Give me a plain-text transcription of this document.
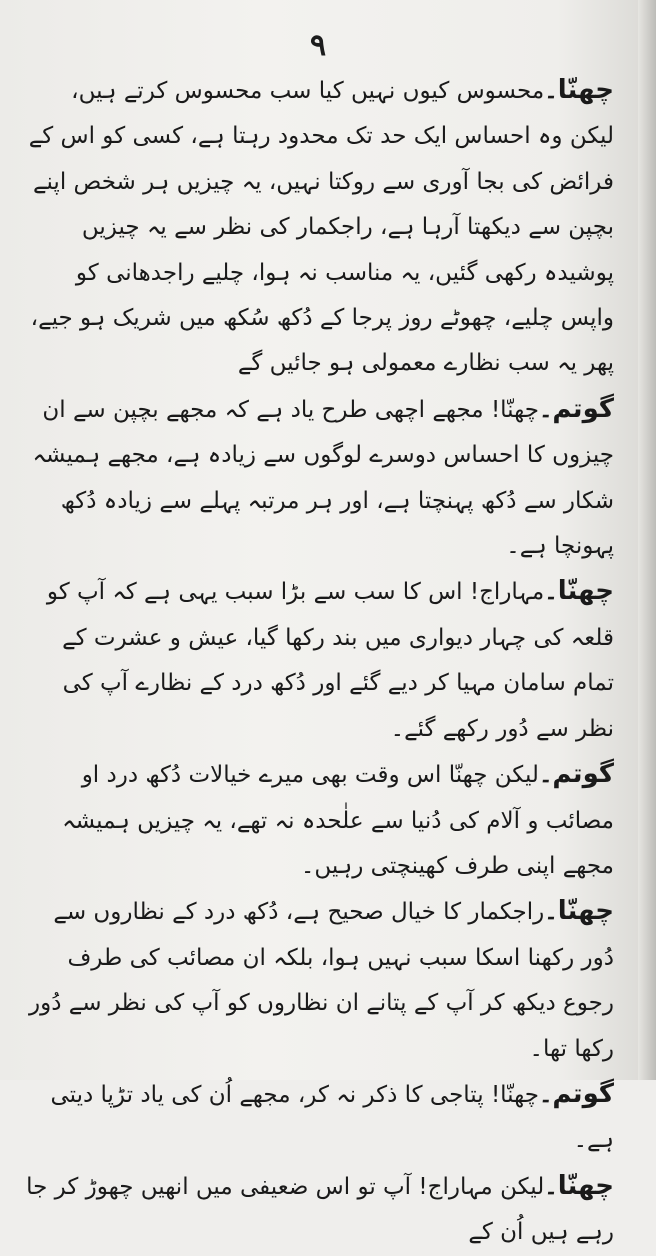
۹

چھنّا۔محسوس کیوں نہیں کیا سب محسوس کرتے ہیں، لیکن وہ احساس ایک حد تک محدود رہتا ہے، کسی کو اس کے فرائض کی بجا آوری سے روکتا نہیں، یہ چیزیں ہر شخص اپنے بچپن سے دیکھتا آرہا ہے، راجکمار کی نظر سے یہ چیزیں پوشیدہ رکھی گئیں، یہ مناسب نہ ہوا، چلیے راجدھانی کو واپس چلیے، چھوٹے روز پرجا کے دُکھ سُکھ میں شریک ہو جیے، پھر یہ سب نظارے معمولی ہو جائیں گے

گوتم۔چھنّا! مجھے اچھی طرح یاد ہے کہ مجھے بچپن سے ان چیزوں کا احساس دوسرے لوگوں سے زیادہ ہے، مجھے ہمیشہ شکار سے دُکھ پہنچتا ہے، اور ہر مرتبہ پہلے سے زیادہ دُکھ پہونچا ہے۔

چھنّا۔مہاراج! اس کا سب سے بڑا سبب یہی ہے کہ آپ کو قلعہ کی چہار دیواری میں بند رکھا گیا، عیش و عشرت کے تمام سامان مہیا کر دیے گئے اور دُکھ درد کے نظارے آپ کی نظر سے دُور رکھے گئے۔

گوتم۔لیکن چھنّا اس وقت بھی میرے خیالات دُکھ درد او مصائب و آلام کی دُنیا سے علٰحدہ نہ تھے، یہ چیزیں ہمیشہ مجھے اپنی طرف کھینچتی رہیں۔

چھنّا۔راجکمار کا خیال صحیح ہے، دُکھ درد کے نظاروں سے دُور رکھنا اسکا سبب نہیں ہوا، بلکہ ان مصائب کی طرف رجوع دیکھ کر آپ کے پتانے ان نظاروں کو آپ کی نظر سے دُور رکھا تھا۔

گوتم۔چھنّا! پتاجی کا ذکر نہ کر، مجھے اُن کی یاد تڑپا دیتی ہے۔

چھنّا۔لیکن مہاراج! آپ تو اس ضعیفی میں انھیں چھوڑ کر جا رہے ہیں اُن کے
